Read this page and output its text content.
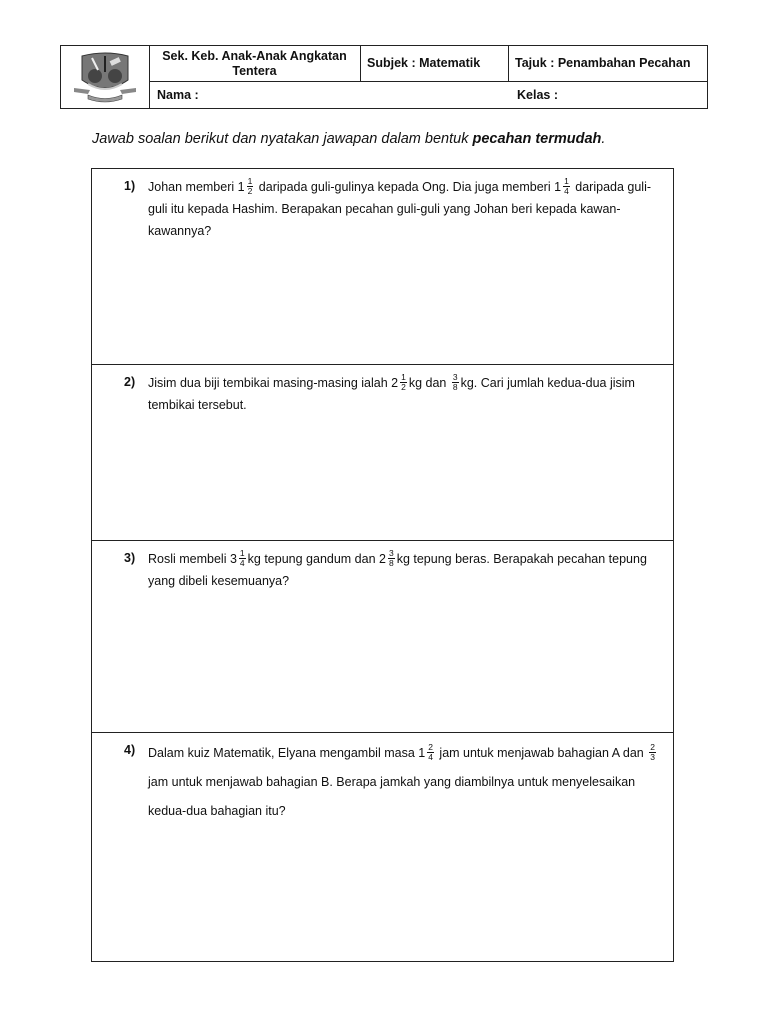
Sek. Keb. Anak-Anak Angkatan Tentera
Subjek : Matematik	Tajuk : Penambahan Pecahan
Nama :	Kelas :
Jawab soalan berikut dan nyatakan jawapan dalam bentuk pecahan termudah.
1) Johan memberi $1 \frac{1}{2}$ daripada guli-gulinya kepada Ong. Dia juga memberi $1 \frac{1}{4}$ daripada guli-guli itu kepada Hashim. Berapakan pecahan guli-guli yang Johan beri kepada kawan-kawannya?
2) Jisim dua biji tembikai masing-masing ialah $2 \frac{1}{2}$ kg dan $\frac{3}{8}$ kg. Cari jumlah kedua-dua jisim tembikai tersebut.
3) Rosli membeli $3 \frac{1}{4}$ kg tepung gandum dan $2 \frac{3}{8}$ kg tepung beras. Berapakah pecahan tepung yang dibeli kesemuanya?
4) Dalam kuiz Matematik, Elyana mengambil masa $1 \frac{2}{4}$ jam untuk menjawab bahagian A dan $\frac{2}{3}$
jam untuk menjawab bahagian B. Berapa jamkah yang diambilnya untuk menyelesaikan kedua-dua bahagian itu?
